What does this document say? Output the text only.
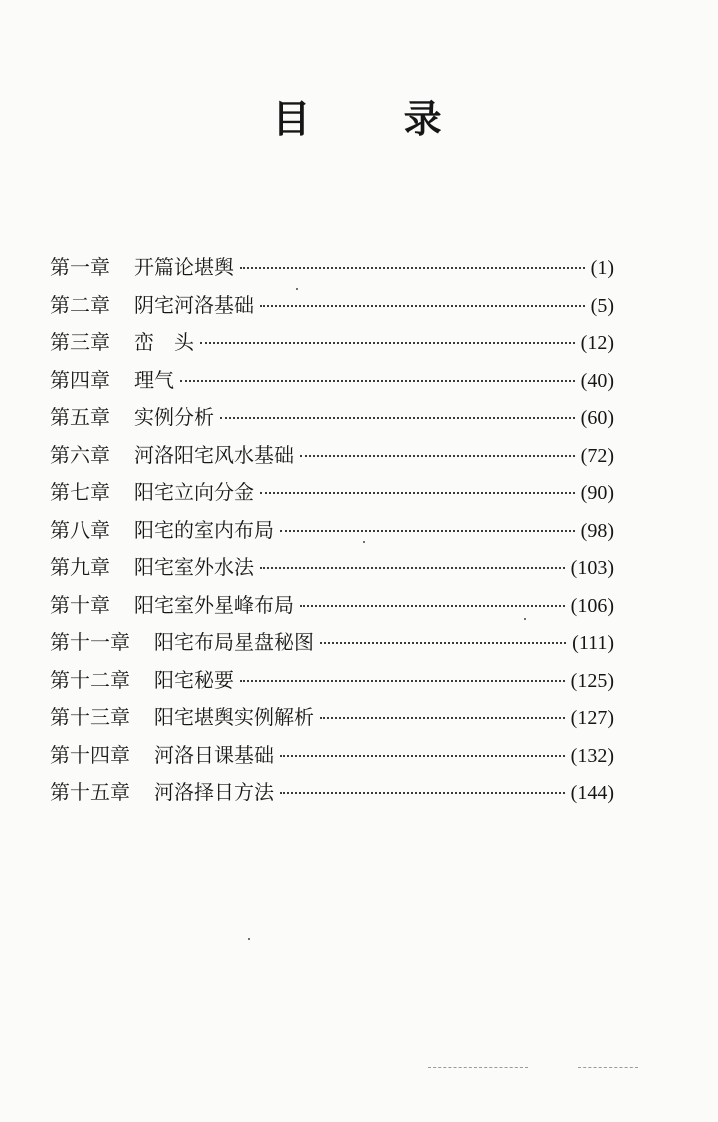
目 录
第一章 开篇论堪舆	(1)
第二章 阴宅河洛基础	(5)
第三章 峦　头	(12)
第四章 理气	(40)
第五章 实例分析	(60)
第六章 河洛阳宅风水基础	(72)
第七章 阳宅立向分金	(90)
第八章 阳宅的室内布局	(98)
第九章 阳宅室外水法	(103)
第十章 阳宅室外星峰布局	(106)
第十一章 阳宅布局星盘秘图	(111)
第十二章 阳宅秘要	(125)
第十三章 阳宅堪舆实例解析	(127)
第十四章 河洛日课基础	(132)
第十五章 河洛择日方法	(144)
